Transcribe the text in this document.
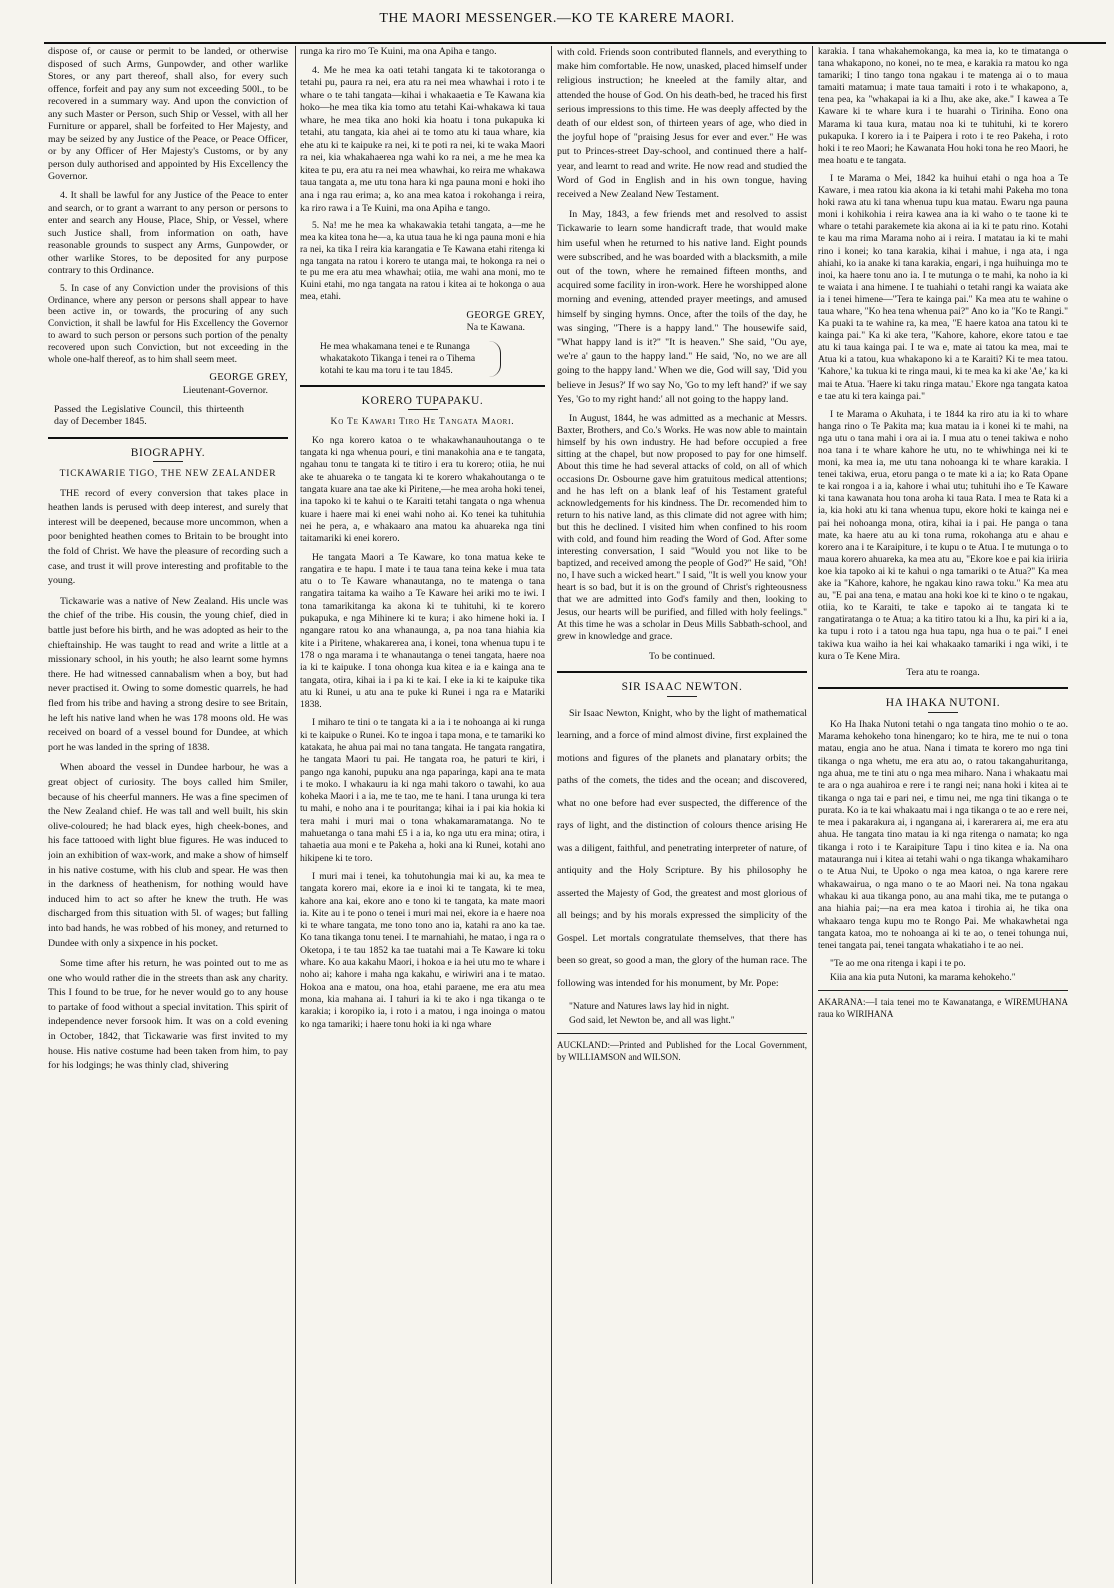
THE MAORI MESSENGER.—KO TE KARERE MAORI.

dispose of, or cause or permit to be landed, or otherwise disposed of such Arms, Gunpowder, and other warlike Stores, or any part thereof, shall also, for every such offence, forfeit and pay any sum not exceeding 500l., to be recovered in a summary way. And upon the conviction of any such Master or Person, such Ship or Vessel, with all her Furniture or apparel, shall be forfeited to Her Majesty, and may be seized by any Justice of the Peace, or Peace Officer, or by any Officer of Her Majesty's Customs, or by any person duly authorised and appointed by His Excellency the Governor.

4. It shall be lawful for any Justice of the Peace to enter and search, or to grant a warrant to any person or persons to enter and search any House, Place, Ship, or Vessel, where such Justice shall, from information on oath, have reasonable grounds to suspect any Arms, Gunpowder, or other warlike Stores, to be deposited for any purpose contrary to this Ordinance.

5. In case of any Conviction under the provisions of this Ordinance, where any person or persons shall appear to have been active in, or towards, the procuring of any such Conviction, it shall be lawful for His Excellency the Governor to award to such person or persons such portion of the penalty recovered upon such Conviction, but not exceeding in the whole one-half thereof, as to him shall seem meet.

GEORGE GREY,

Lieutenant-Governor.

Passed the Legislative Council, this thirteenth day of December 1845.

BIOGRAPHY.
TICKAWARIE TIGO, THE NEW ZEALANDER

THE record of every conversion that takes place in heathen lands is perused with deep interest, and surely that interest will be deepened, because more uncommon, when a poor benighted heathen comes to Britain to be brought into the fold of Christ. We have the pleasure of recording such a case, and trust it will prove interesting and profitable to the young.

Tickawarie was a native of New Zealand. His uncle was the chief of the tribe. His cousin, the young chief, died in battle just before his birth, and he was adopted as heir to the chieftainship. He was taught to read and write a little at a missionary school, in his youth; he also learnt some hymns there. He had witnessed cannabalism when a boy, but had never practised it. Owing to some domestic quarrels, he had fled from his tribe and having a strong desire to see Britain, he left his native land when he was 178 moons old. He was received on board of a vessel bound for Dundee, at which port he was landed in the spring of 1838.

When aboard the vessel in Dundee harbour, he was a great object of curiosity. The boys called him Smiler, because of his cheerful manners. He was a fine specimen of the New Zealand chief. He was tall and well built, his skin olive-coloured; he had black eyes, high cheek-bones, and his face tattooed with light blue figures. He was induced to join an exhibition of wax-work, and make a show of himself in his native costume, with his club and spear. He was then in the darkness of heathenism, for nothing would have induced him to act so after he knew the truth. He was discharged from this situation with 5l. of wages; but falling into bad hands, he was robbed of his money, and returned to Dundee with only a sixpence in his pocket.

Some time after his return, he was pointed out to me as one who would rather die in the streets than ask any charity. This I found to be true, for he never would go to any house to partake of food without a special invitation. This spirit of independence never forsook him. It was on a cold evening in October, 1842, that Tickawarie was first invited to my house. His native costume had been taken from him, to pay for his lodgings; he was thinly clad, shivering

runga ka riro mo Te Kuini, ma ona Apiha e tango.

4. Me he mea ka oati tetahi tangata ki te takotoranga o tetahi pu, paura ra nei, era atu ra nei mea whawhai i roto i te whare o te tahi tangata—kihai i whakaaetia e Te Kawana kia hoko—he mea tika kia tomo atu tetahi Kai-whakawa ki taua whare, he mea tika ano hoki kia hoatu i tona pukapuka ki tetahi, atu tangata, kia ahei ai te tomo atu ki taua whare, kia ehe atu ki te kaipuke ra nei, ki te poti ra nei, ki te waka Maori ra nei, kia whakahaerea nga wahi ko ra nei, a me he mea ka kitea te pu, era atu ra nei mea whawhai, ko reira me whakawa taua tangata a, me utu tona hara ki nga pauna moni e hoki iho ana i nga rau erima; a, ko ana mea katoa i rokohanga i reira, ka riro rawa i a Te Kuini, ma ona Apiha e tango.

5. Na! me he mea ka whakawakia tetahi tangata, a—me he mea ka kitea tona he—a, ka utua taua he ki nga pauna moni e hia ra nei, ka tika I reira kia karangatia e Te Kawana etahi ritenga ki nga tangata na ratou i korero te utanga mai, te hokonga ra nei o te pu me era atu mea whawhai; otiia, me wahi ana moni, mo te Kuini etahi, mo nga tangata na ratou i kitea ai te hokonga o aua mea, etahi.

GEORGE GREY,

Na te Kawana.

He mea whakamana tenei e te Runanga whakatakoto Tikanga i tenei ra o Tihema kotahi te kau ma toru i te tau 1845.
KORERO TUPAPAKU.
Ko Te Kawari Tiro He Tangata Maori.

Ko nga korero katoa o te whakawhanauhoutanga o te tangata ki nga whenua pouri, e tini manakohia ana e te tangata, ngahau tonu te tangata ki te titiro i era tu korero; otiia, he nui ake te ahuareka o te tangata ki te korero whakahoutanga o te tangata kuare ana tae ake ki Piritene,—he mea aroha hoki tenei, ina tapoko ki te kahui o te Karaiti tetahi tangata o nga whenua kuare i haere mai ki enei wahi noho ai. Ko tenei ka tuhituhia nei he pera, a, e whakaaro ana matou ka ahuareka nga tini taitamariki ki enei korero.

He tangata Maori a Te Kaware, ko tona matua keke te rangatira e te hapu. I mate i te taua tana teina keke i mua tata atu o to Te Kaware whanautanga, no te matenga o tana rangatira taitama ka waiho a Te Kaware hei ariki mo te iwi. I tona tamarikitanga ka akona ki te tuhituhi, ki te korero pukapuka, e nga Mihinere ki te kura; i ako himene hoki ia. I ngangare ratou ko ana whanaunga, a, pa noa tana hiahia kia kite i a Piritene, whakarerea ana, i konei, tona whenua tupu i te 178 o nga marama i te whanautanga o tenei tangata, haere noa ia ki te kaipuke. I tona ohonga kua kitea e ia e kainga ana te tangata, otira, kihai ia i pa ki te kai. I eke ia ki te kaipuke tika atu ki Runei, u atu ana te puke ki Runei i nga ra e Matariki 1838.

I miharo te tini o te tangata ki a ia i te nohoanga ai ki runga ki te kaipuke o Runei. Ko te ingoa i tapa mona, e te tamariki ko katakata, he ahua pai mai no tana tangata. He tangata rangatira, he tangata Maori tu pai. He tangata roa, he paturi te kiri, i pango nga kanohi, pupuku ana nga paparinga, kapi ana te mata i te moko. I whakauru ia ki nga mahi takoro o tawahi, ko aua koheka Maori i a ia, me te tao, me te hani. I tana urunga ki tera tu mahi, e noho ana i te pouritanga; kihai ia i pai kia hokia ki tera mahi i muri mai o tona whakamaramatanga. No te mahuetanga o tana mahi £5 i a ia, ko nga utu era mina; otira, i tahaetia aua moni e te Pakeha a, hoki ana ki Runei, kotahi ano hikipene ki te toro.

I muri mai i tenei, ka tohutohungia mai ki au, ka mea te tangata korero mai, ekore ia e inoi ki te tangata, ki te mea, kahore ana kai, ekore ano e tono ki te tangata, ka mate maori ia. Kite au i te pono o tenei i muri mai nei, ekore ia e haere noa ki te whare tangata, me tono tono ano ia, katahi ra ano ka tae. Ko tana tikanga tonu tenei. I te marnahiahi, he matao, i nga ra o Oketopa, i te tau 1852 ka tae tuatahi mai a Te Kaware ki toku whare. Ko aua kakahu Maori, i hokoa e ia hei utu mo te whare i noho ai; kahore i maha nga kakahu, e wiriwiri ana i te matao. Hokoa ana e matou, ona hoa, etahi paraene, me era atu mea mona, kia mahana ai. I tahuri ia ki te ako i nga tikanga o te karakia; i koropiko ia, i roto i a matou, i nga inoinga o matou ko nga tamariki; i haere tonu hoki ia ki nga whare

with cold. Friends soon contributed flannels, and everything to make him comfortable. He now, unasked, placed himself under religious instruction; he kneeled at the family altar, and attended the house of God. On his death-bed, he traced his first serious impressions to this time. He was deeply affected by the death of our eldest son, of thirteen years of age, who died in the joyful hope of "praising Jesus for ever and ever." He was put to Princes-street Day-school, and continued there a half-year, and learnt to read and write. He now read and studied the Word of God in English and in his own tongue, having received a New Zealand New Testament.

In May, 1843, a few friends met and resolved to assist Tickawarie to learn some handicraft trade, that would make him useful when he returned to his native land. Eight pounds were subscribed, and he was boarded with a blacksmith, a mile out of the town, where he remained fifteen months, and acquired some facility in iron-work. Here he worshipped alone morning and evening, attended prayer meetings, and amused himself by singing hymns. Once, after the toils of the day, he was singing, "There is a happy land." The housewife said, "What happy land is it?" "It is heaven." She said, "Ou aye, we're a' gaun to the happy land." He said, 'No, no we are all going to the happy land.' When we die, God will say, 'Did you believe in Jesus?' If wo say No, 'Go to my left hand?' if we say Yes, 'Go to my right hand:' all not going to the happy land.

In August, 1844, he was admitted as a mechanic at Messrs. Baxter, Brothers, and Co.'s Works. He was now able to maintain himself by his own industry. He had before occupied a free sitting at the chapel, but now proposed to pay for one himself. About this time he had several attacks of cold, on all of which occasions Dr. Osbourne gave him gratuitous medical attentions; and he has left on a blank leaf of his Testament grateful acknowledgements for his kindness. The Dr. recomended him to return to his native land, as this climate did not agree with him; but this he declined. I visited him when confined to his room with cold, and found him reading the Word of God. After some interesting conversation, I said "Would you not like to be baptized, and received among the people of God?" He said, "Oh! no, I have such a wicked heart." I said, "It is well you know your heart is so bad, but it is on the ground of Christ's righteousness that we are admitted into God's family and then, looking to Jesus, our hearts will be purified, and filled with holy feelings." At this time he was a scholar in Deus Mills Sabbath-school, and grew in knowledge and grace.

To be continued.

SIR ISAAC NEWTON.

Sir Isaac Newton, Knight, who by the light of mathematical learning, and a force of mind almost divine, first explained the motions and figures of the planets and planatary orbits; the paths of the comets, the tides and the ocean; and discovered, what no one before had ever suspected, the difference of the rays of light, and the distinction of colours thence arising He was a diligent, faithful, and penetrating interpreter of nature, of antiquity and the Holy Scripture. By his philosophy he asserted the Majesty of God, the greatest and most glorious of all beings; and by his morals expressed the simplicity of the Gospel. Let mortals congratulate themselves, that there has been so great, so good a man, the glory of the human race. The following was intended for his monument, by Mr. Pope:

"Nature and Natures laws lay hid in night.

God said, let Newton be, and all was light."

AUCKLAND:—Printed and Published for the Local Government, by WILLIAMSON and WILSON.

karakia. I tana whakahemokanga, ka mea ia, ko te timatanga o tana whakapono, no konei, no te mea, e karakia ra matou ko nga tamariki; I tino tango tona ngakau i te matenga ai o to maua tamaiti matamua; i mate taua tamaiti i roto i te whakapono, a, tena pea, ka "whakapai ia ki a Ihu, ake ake, ake." I kawea a Te Kaware ki te whare kura i te huarahi o Tiriniha. Eono ona Marama ki taua kura, matau noa ki te tuhituhi, ki te korero pukapuka. I korero ia i te Paipera i roto i te reo Pakeha, i roto hoki i te reo Maori; he Kawanata Hou hoki tona he reo Maori, he mea hoatu e te tangata.

I te Marama o Mei, 1842 ka huihui etahi o nga hoa a Te Kaware, i mea ratou kia akona ia ki tetahi mahi Pakeha mo tona hoki rawa atu ki tana whenua tupu kua matau. Ewaru nga pauna moni i kohikohia i reira kawea ana ia ki waho o te taone ki te whare o tetahi parakemete kia akona ai ia ki te patu rino. Kotahi te kau ma rima Marama noho ai i reira. I matatau ia ki te mahi rino i konei; ko tana karakia, kihai i mahue, i nga ata, i nga ahiahi, ko ia anake ki tana karakia, engari, i nga huihuinga mo te inoi, ka haere tonu ano ia. I te mutunga o te mahi, ka noho ia ki te waiata i ana himene. I te tuahiahi o tetahi rangi ka waiata ake ia i tenei himene—"Tera te kainga pai." Ka mea atu te wahine o taua whare, "Ko hea tena whenua pai?" Ano ko ia "Ko te Rangi." Ka puaki ta te wahine ra, ka mea, "E haere katoa ana tatou ki te kainga pai." Ka ki ake tera, "Kahore, kahore, ekore tatou e tae atu ki taua kainga pai. I te wa e, mate ai tatou ka mea, mai te Atua ki a tatou, kua whakapono ki a te Karaiti? Ki te mea tatou. 'Kahore,' ka tukua ki te ringa maui, ki te mea ka ki ake 'Ae,' ka ki mai te Atua. 'Haere ki taku ringa matau.' Ekore nga tangata katoa e tae atu ki tera kainga pai."

I te Marama o Akuhata, i te 1844 ka riro atu ia ki to whare hanga rino o Te Pakita ma; kua matau ia i konei ki te mahi, na nga utu o tana mahi i ora ai ia. I mua atu o tenei takiwa e noho noa tana i te whare kahore he utu, no te whiwhinga nei ki te moni, ka mea ia, me utu tana nohoanga ki te whare karakia. I tenei takiwa, erua, etoru panga o te mate ki a ia; ko Rata Opane te kai rongoa i a ia, kahore i whai utu; tuhituhi iho e Te Kaware ki tana kawanata hou tona aroha ki taua Rata. I mea te Rata ki a ia, kia hoki atu ki tana whenua tupu, ekore hoki te kainga nei e pai hei nohoanga mona, otira, kihai ia i pai. He panga o tana mate, ka haere atu au ki tona ruma, rokohanga atu e ahau e korero ana i te Karaipiture, i te kupu o te Atua. I te mutunga o to maua korero ahuareka, ka mea atu au, "Ekore koe e pai kia iriiria koe kia tapoko ai ki te kahui o nga tamariki o te Atua?" Ka mea ake ia "Kahore, kahore, he ngakau kino rawa toku." Ka mea atu au, "E pai ana tena, e matau ana hoki koe ki te kino o te ngakau, otiia, ko te Karaiti, te take e tapoko ai te tangata ki te rangatiratanga o te Atua; a ka titiro tatou ki a Ihu, ka piri ki a ia, ka tupu i roto i a tatou nga hua tapu, nga hua o te pai." I enei takiwa kua waiho ia hei kai whakaako tamariki i nga wiki, i te kura o Te Kene Mira.

Tera atu te roanga.

HA IHAKA NUTONI.

Ko Ha Ihaka Nutoni tetahi o nga tangata tino mohio o te ao. Marama kehokeho tona hinengaro; ko te hira, me te nui o tona matau, engia ano he atua. Nana i timata te korero mo nga tini tikanga o nga whetu, me era atu ao, o ratou takangahuritanga, nga ahua, me te tini atu o nga mea miharo. Nana i whakaatu mai te ara o nga auahiroa e rere i te rangi nei; nana hoki i kitea ai te tikanga o nga tai e pari nei, e timu nei, me nga tini tikanga o te purata. Ko ia te kai whakaatu mai i nga tikanga o te ao e rere nei, te mea i pakarakura ai, i ngangana ai, i karerarera ai, me era atu ahua. He tangata tino matau ia ki nga ritenga o namata; ko nga tikanga i roto i te Karaipiture Tapu i tino kitea e ia. Na ona matauranga nui i kitea ai tetahi wahi o nga tikanga whakamiharo o te Atua Nui, te Upoko o nga mea katoa, o nga karere rere whakawairua, o nga mano o te ao Maori nei. Na tona ngakau whakau ki aua tikanga pono, au ana mahi tika, me te putanga o ana hiahia pai;—na era mea katoa i tirohia ai, he tika ona whakaaro tenga kupu mo te Rongo Pai. Me whakawhetai nga tangata katoa, mo te nohoanga ai ki te ao, o tenei tohunga nui, tenei tangata pai, tenei tangata whakatiaho i te ao nei.

"Te ao me ona ritenga i kapi i te po.

Kiia ana kia puta Nutoni, ka marama kehokeho."

AKARANA:—I taia tenei mo te Kawanatanga, e WIREMUHANA raua ko WIRIHANA
